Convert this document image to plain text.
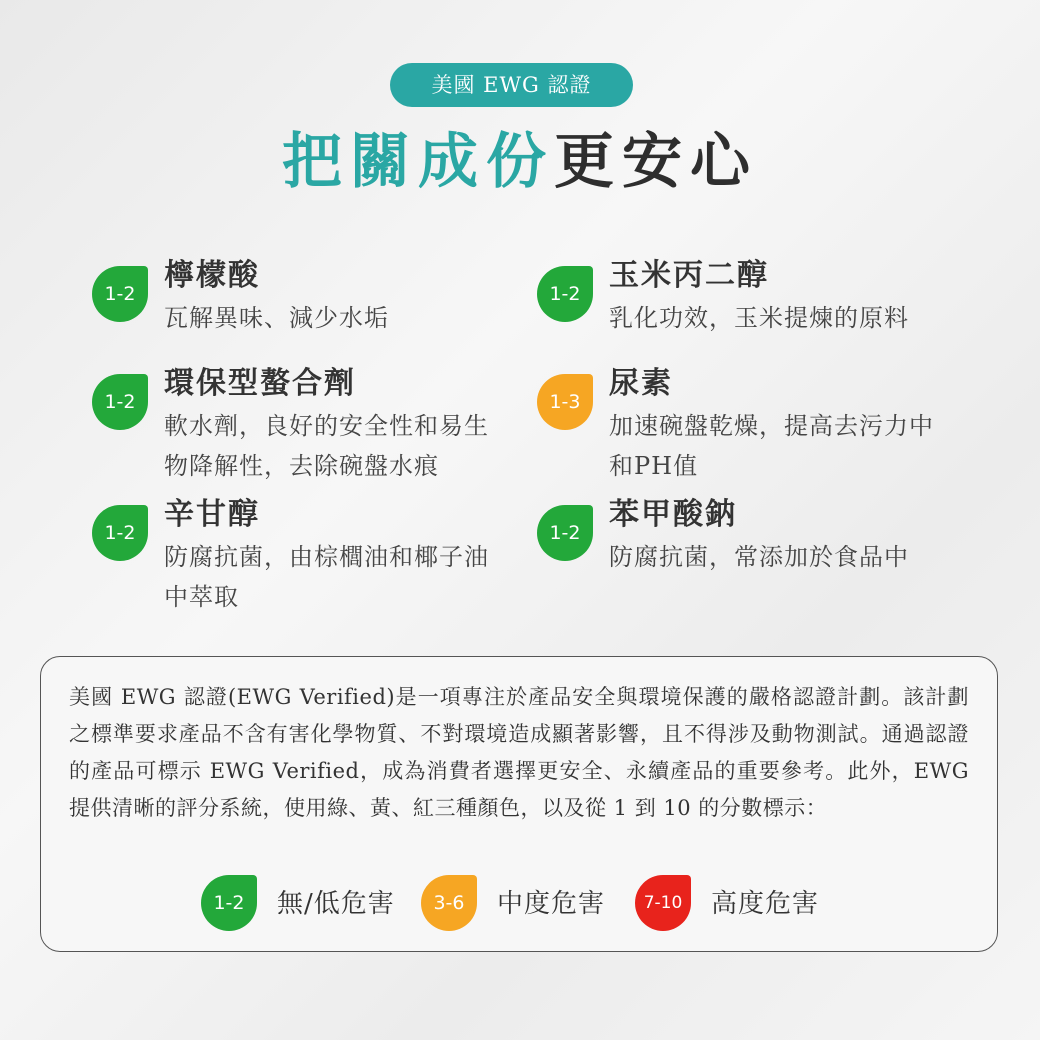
美國 EWG 認證
把關成份更安心
1-2
檸檬酸
瓦解異味、減少水垢
1-2
玉米丙二醇
乳化功效，玉米提煉的原料
1-2
環保型螯合劑
軟水劑，良好的安全性和易生物降解性，去除碗盤水痕
1-3
尿素
加速碗盤乾燥，提高去污力中和PH值
1-2
辛甘醇
防腐抗菌，由棕櫚油和椰子油中萃取
1-2
苯甲酸鈉
防腐抗菌，常添加於食品中
美國 EWG 認證(EWG Verified)是一項專注於產品安全與環境保護的嚴格認證計劃。該計劃之標準要求產品不含有害化學物質、不對環境造成顯著影響，且不得涉及動物測試。通過認證的產品可標示 EWG Verified，成為消費者選擇更安全、永續產品的重要參考。此外，EWG　　提供清晰的評分系統，使用綠、黃、紅三種顏色，以及從 1 到 10 的分數標示：
1-2	無/低危害	3-6	中度危害	7-10	高度危害
